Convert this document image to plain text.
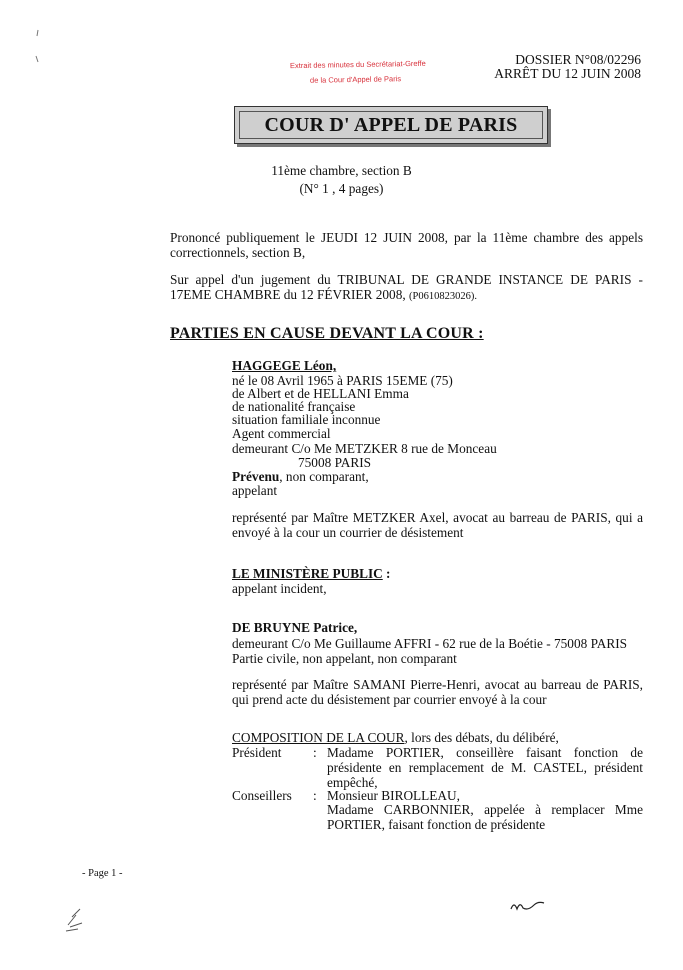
Extrait des minutes du Secrétariat-Greffe
de la Cour d'Appel de Paris
DOSSIER N°08/02296
ARRÊT DU 12 JUIN 2008
COUR D' APPEL DE PARIS
11ème chambre, section B
(N° 1 , 4 pages)
Prononcé publiquement le JEUDI 12 JUIN 2008, par la 11ème chambre des appels correctionnels, section B,
Sur appel d'un jugement du TRIBUNAL DE GRANDE INSTANCE DE PARIS - 17EME CHAMBRE du 12 FÉVRIER 2008, (P0610823026).
PARTIES EN CAUSE DEVANT LA COUR :
HAGGEGE Léon,
né le 08 Avril 1965 à PARIS 15EME (75)
de Albert et de HELLANI Emma
de nationalité française
situation familiale inconnue
Agent commercial
demeurant C/o Me METZKER 8 rue de Monceau
75008 PARIS
Prévenu, non comparant,
appelant
représenté par Maître METZKER Axel, avocat au barreau de PARIS, qui a envoyé à la cour un courrier de désistement
LE MINISTÈRE PUBLIC :
appelant incident,
DE BRUYNE Patrice,
demeurant C/o Me Guillaume AFFRI - 62 rue de la Boétie - 75008 PARIS
Partie civile, non appelant, non comparant
représenté par Maître SAMANI Pierre-Henri, avocat au barreau de PARIS, qui prend acte du désistement par courrier envoyé à la cour
COMPOSITION DE LA COUR, lors des débats, du délibéré,
Président : Madame PORTIER, conseillère faisant fonction de présidente en remplacement de M. CASTEL, président empêché,
Conseillers : Monsieur BIROLLEAU,
Madame CARBONNIER, appelée à remplacer Mme PORTIER, faisant fonction de présidente
- Page 1 -
